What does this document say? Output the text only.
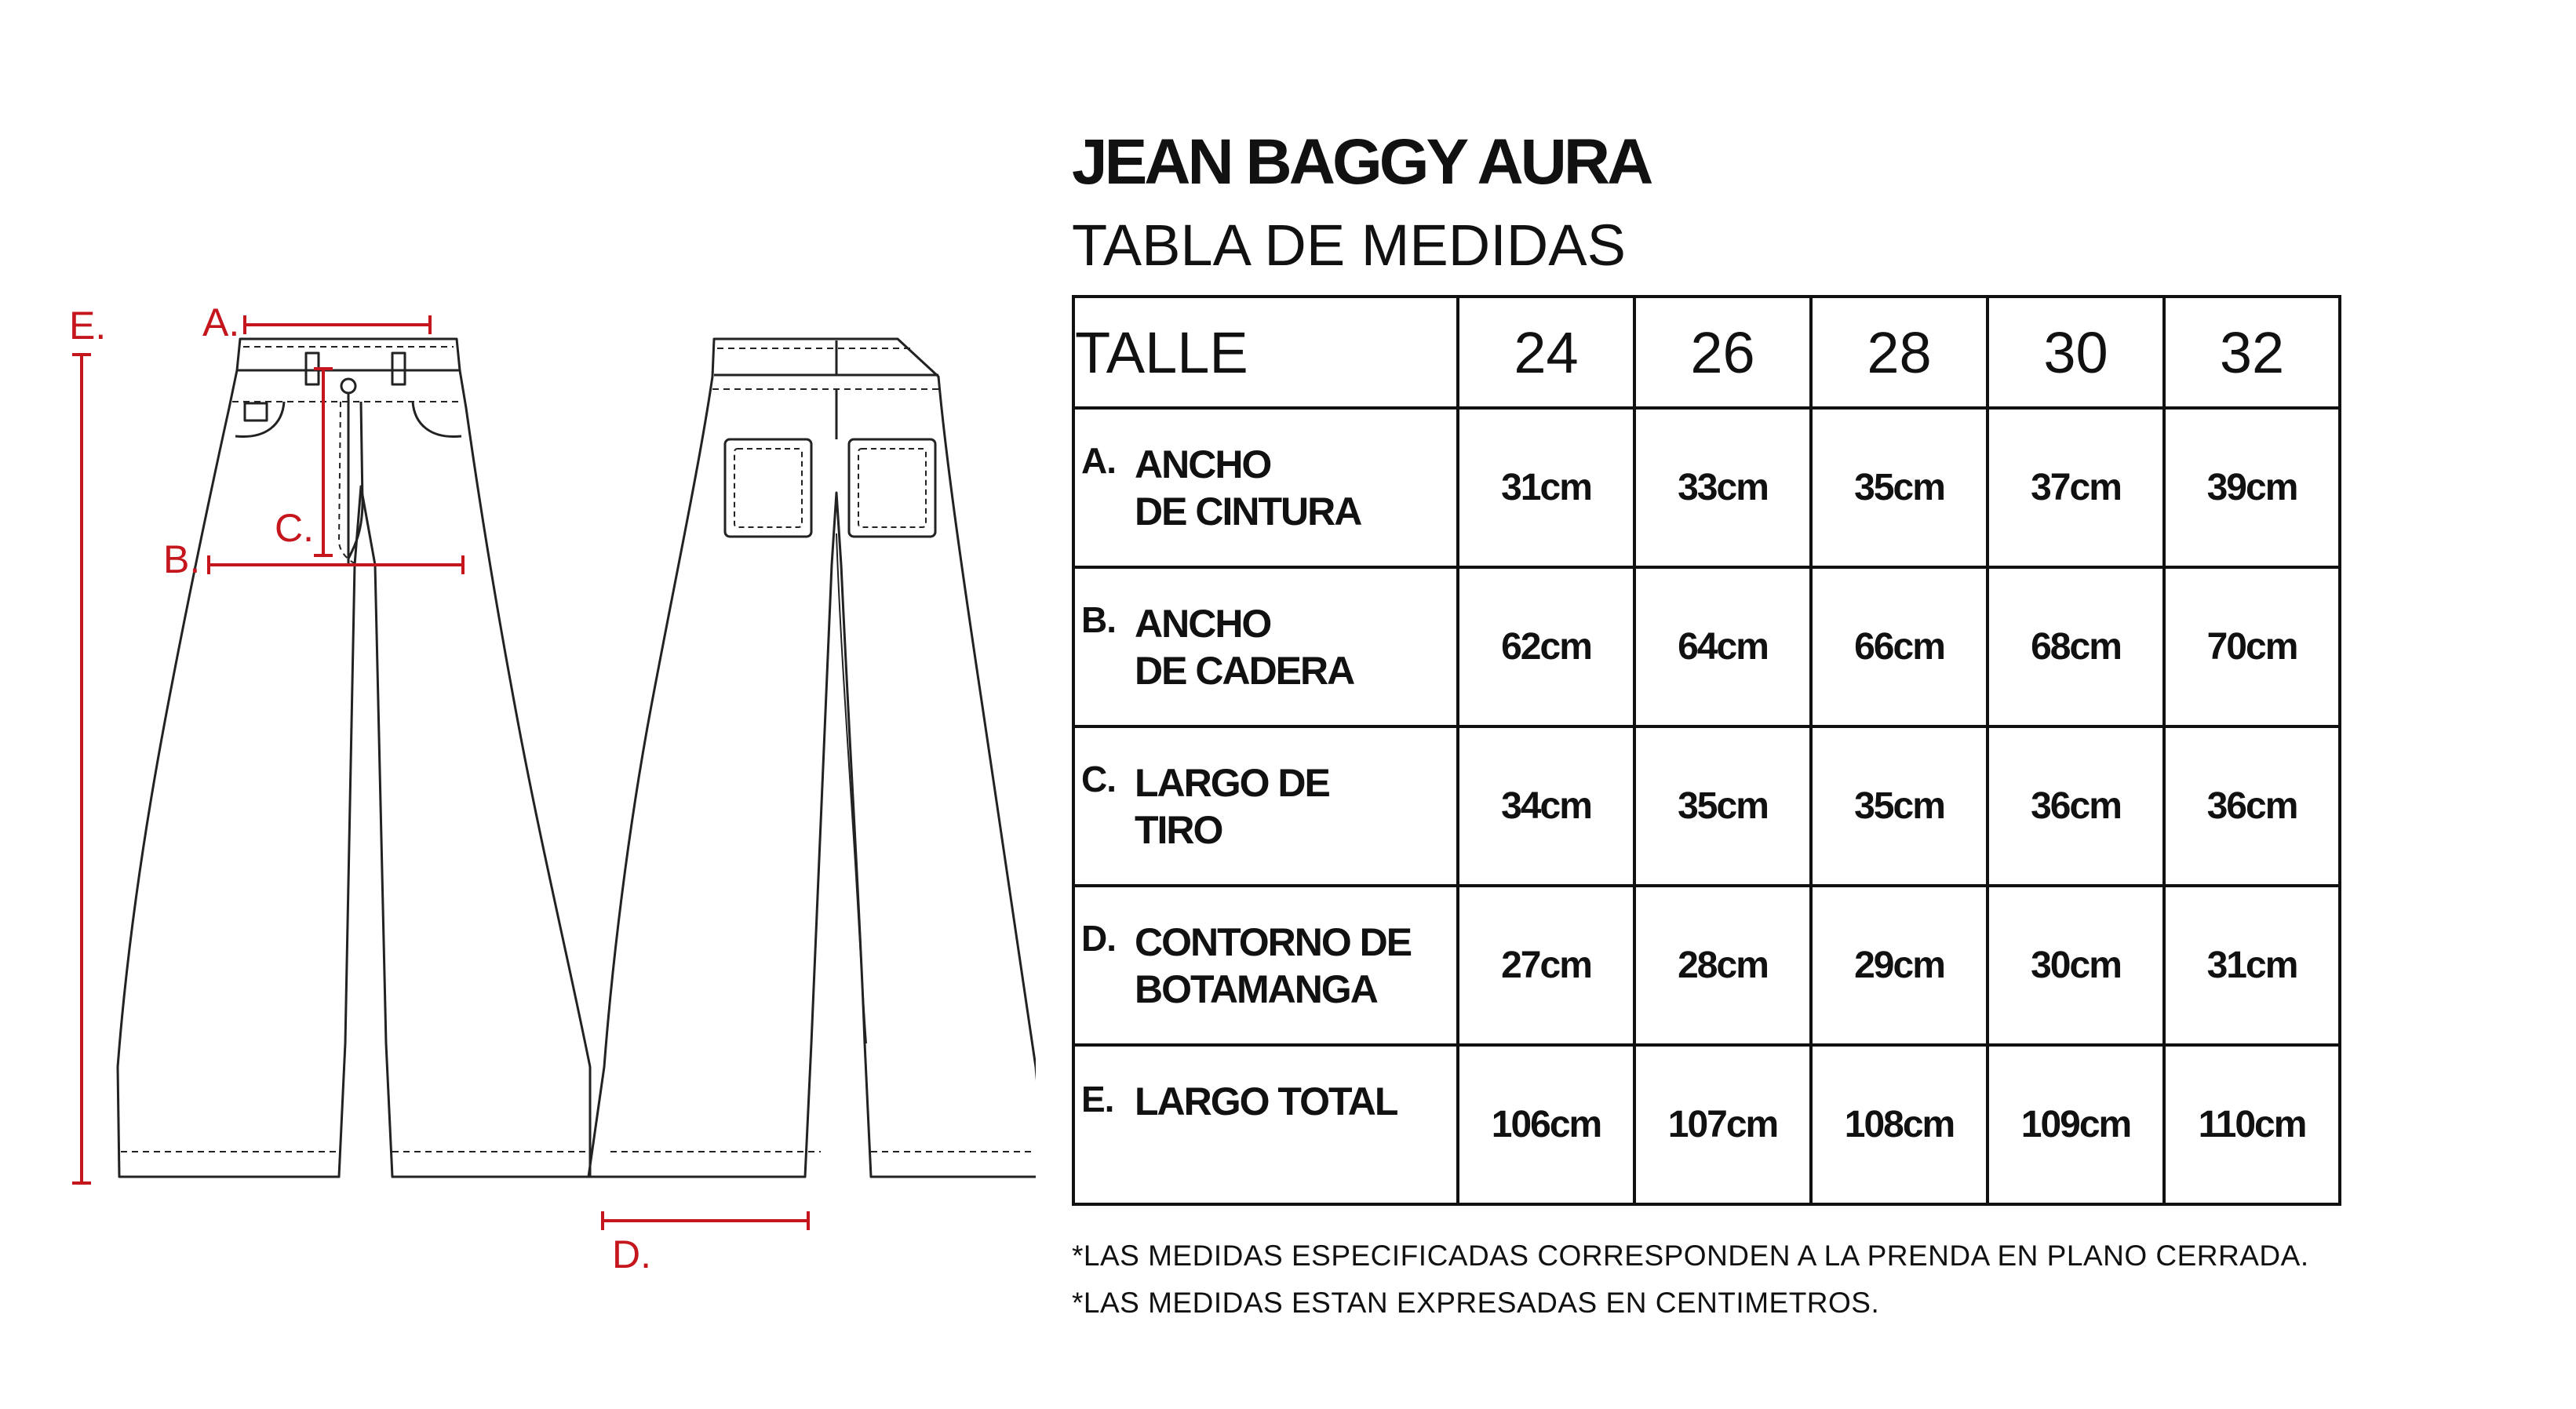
A.
B.
C.
D.
E.
JEAN BAGGY AURA
TABLA DE MEDIDAS
TALLE	24	26	28	30	32

A. ANCHO
DE CINTURA	31cm	33cm	35cm	37cm	39cm

B. ANCHO
DE CADERA	62cm	64cm	66cm	68cm	70cm

C. LARGO DE
TIRO	34cm	35cm	35cm	36cm	36cm

D. CONTORNO DE
BOTAMANGA	27cm	28cm	29cm	30cm	31cm

E. LARGO TOTAL	106cm	107cm	108cm	109cm	110cm
*LAS MEDIDAS ESPECIFICADAS CORRESPONDEN A LA PRENDA EN PLANO CERRADA.
*LAS MEDIDAS ESTAN EXPRESADAS EN CENTIMETROS.
